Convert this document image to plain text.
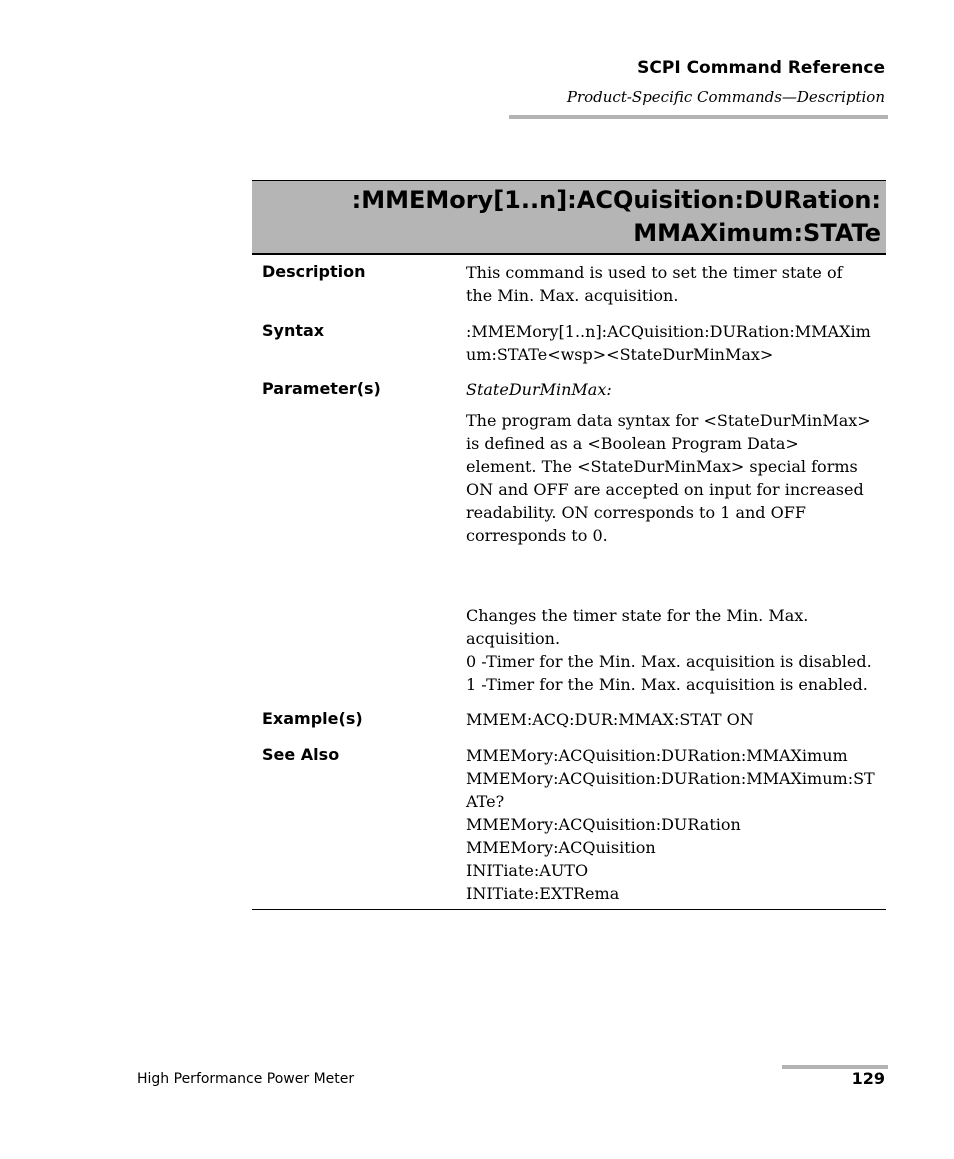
SCPI Command Reference
Product-Specific Commands—Description
:MMEMory[1..n]:ACQuisition:DURation:
MMAXimum:STATe
Description	This command is used to set the timer state of
the Min. Max. acquisition.
Syntax	:MMEMory[1..n]:ACQuisition:DURation:MMAXim
um:STATe<wsp><StateDurMinMax>
Parameter(s)	StateDurMinMax:
The program data syntax for <StateDurMinMax>
is defined as a <Boolean Program Data>
element. The <StateDurMinMax> special forms
ON and OFF are accepted on input for increased
readability. ON corresponds to 1 and OFF
corresponds to 0.
Changes the timer state for the Min. Max.
acquisition.
0 -Timer for the Min. Max. acquisition is disabled.
1 -Timer for the Min. Max. acquisition is enabled.
Example(s)	MMEM:ACQ:DUR:MMAX:STAT ON
See Also	MMEMory:ACQuisition:DURation:MMAXimum
MMEMory:ACQuisition:DURation:MMAXimum:ST
ATe?
MMEMory:ACQuisition:DURation
MMEMory:ACQuisition
INITiate:AUTO
INITiate:EXTRema
High Performance Power Meter	129
